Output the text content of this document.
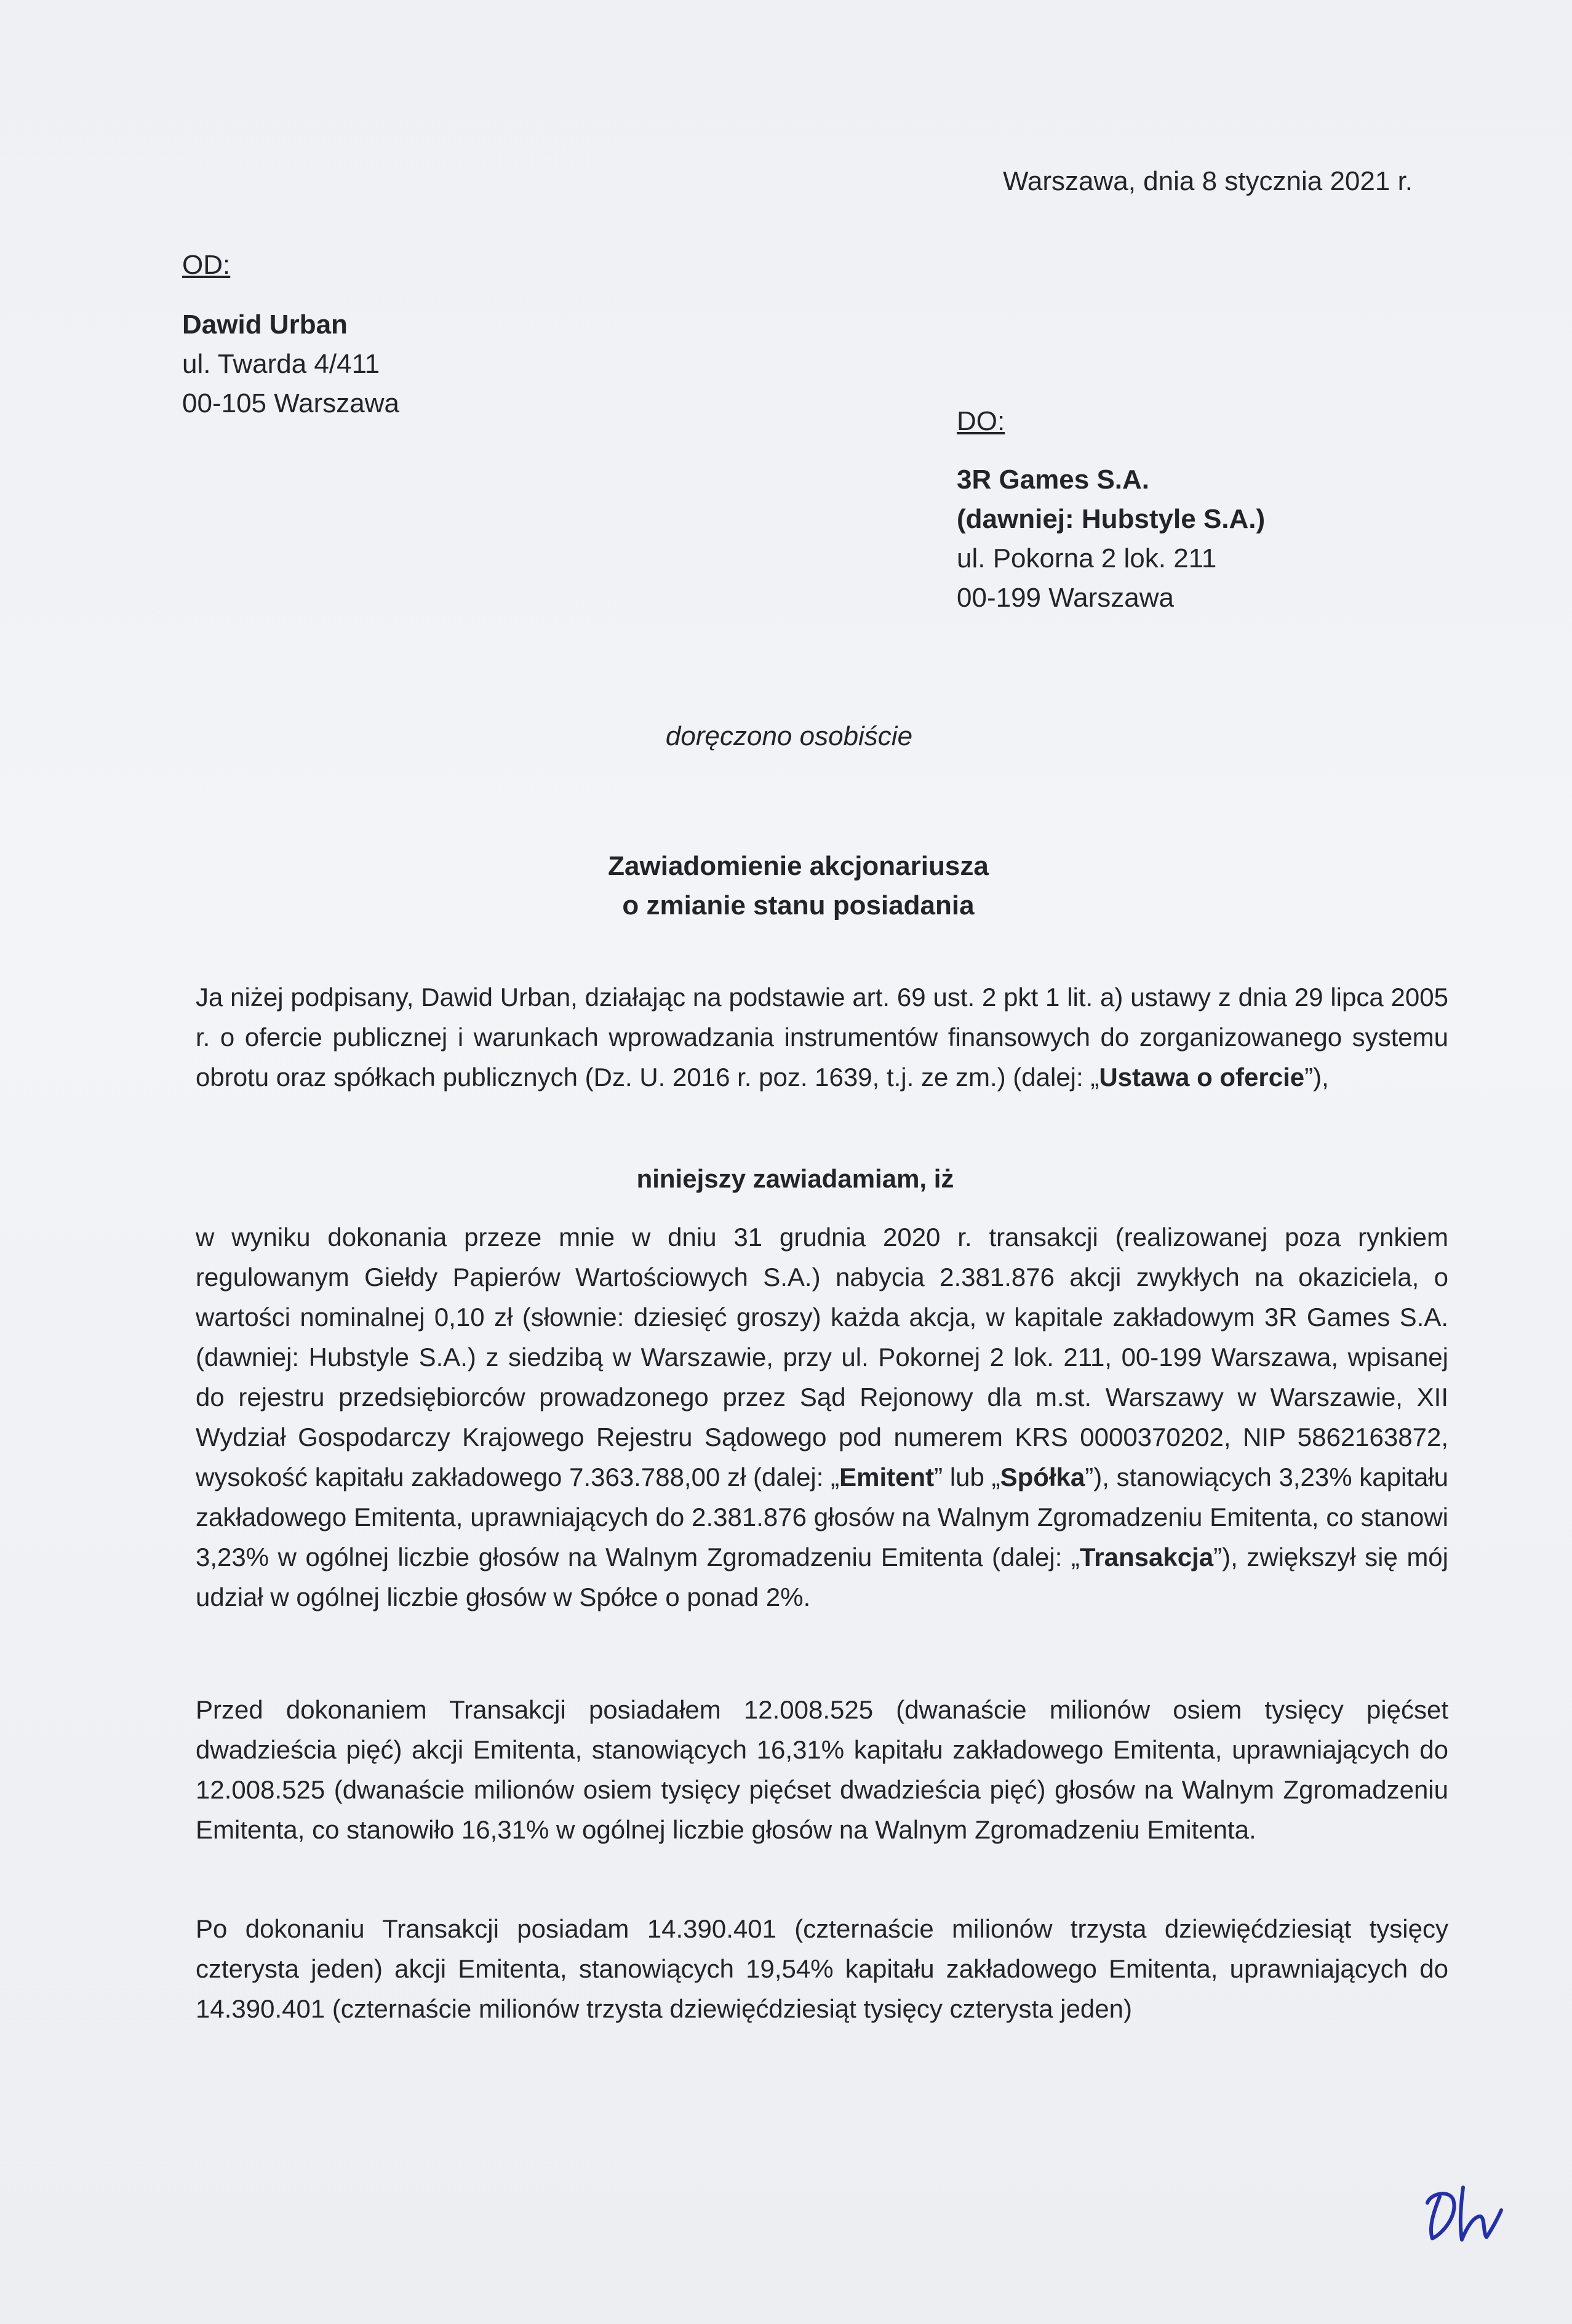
Warszawa, dnia 8 stycznia 2021 r.
OD:
Dawid Urban
ul. Twarda 4/411
00-105 Warszawa
DO:
3R Games S.A.
(dawniej: Hubstyle S.A.)
ul. Pokorna 2 lok. 211
00-199 Warszawa
doręczono osobiście
Zawiadomienie akcjonariusza
o zmianie stanu posiadania
Ja niżej podpisany, Dawid Urban, działając na podstawie art. 69 ust. 2 pkt 1 lit. a) ustawy z dnia 29 lipca 2005 r. o ofercie publicznej i warunkach wprowadzania instrumentów finansowych do zorganizowanego systemu obrotu oraz spółkach publicznych (Dz. U. 2016 r. poz. 1639, t.j. ze zm.) (dalej: „Ustawa o ofercie”),
niniejszy zawiadamiam, iż
w wyniku dokonania przeze mnie w dniu 31 grudnia 2020 r. transakcji (realizowanej poza rynkiem regulowanym Giełdy Papierów Wartościowych S.A.) nabycia 2.381.876 akcji zwykłych na okaziciela, o wartości nominalnej 0,10 zł (słownie: dziesięć groszy) każda akcja, w kapitale zakładowym 3R Games S.A. (dawniej: Hubstyle S.A.) z siedzibą w Warszawie, przy ul. Pokornej 2 lok. 211, 00-199 Warszawa, wpisanej do rejestru przedsiębiorców prowadzonego przez Sąd Rejonowy dla m.st. Warszawy w Warszawie, XII Wydział Gospodarczy Krajowego Rejestru Sądowego pod numerem KRS 0000370202, NIP 5862163872, wysokość kapitału zakładowego 7.363.788,00 zł (dalej: „Emitent” lub „Spółka”), stanowiących 3,23% kapitału zakładowego Emitenta, uprawniających do 2.381.876 głosów na Walnym Zgromadzeniu Emitenta, co stanowi 3,23% w ogólnej liczbie głosów na Walnym Zgromadzeniu Emitenta (dalej: „Transakcja”), zwiększył się mój udział w ogólnej liczbie głosów w Spółce o ponad 2%.
Przed dokonaniem Transakcji posiadałem 12.008.525 (dwanaście milionów osiem tysięcy pięćset dwadzieścia pięć) akcji Emitenta, stanowiących 16,31% kapitału zakładowego Emitenta, uprawniających do 12.008.525 (dwanaście milionów osiem tysięcy pięćset dwadzieścia pięć) głosów na Walnym Zgromadzeniu Emitenta, co stanowiło 16,31% w ogólnej liczbie głosów na Walnym Zgromadzeniu Emitenta.
Po dokonaniu Transakcji posiadam 14.390.401 (czternaście milionów trzysta dziewięćdziesiąt tysięcy czterysta jeden) akcji Emitenta, stanowiących 19,54% kapitału zakładowego Emitenta, uprawniających do 14.390.401 (czternaście milionów trzysta dziewięćdziesiąt tysięcy czterysta jeden)
